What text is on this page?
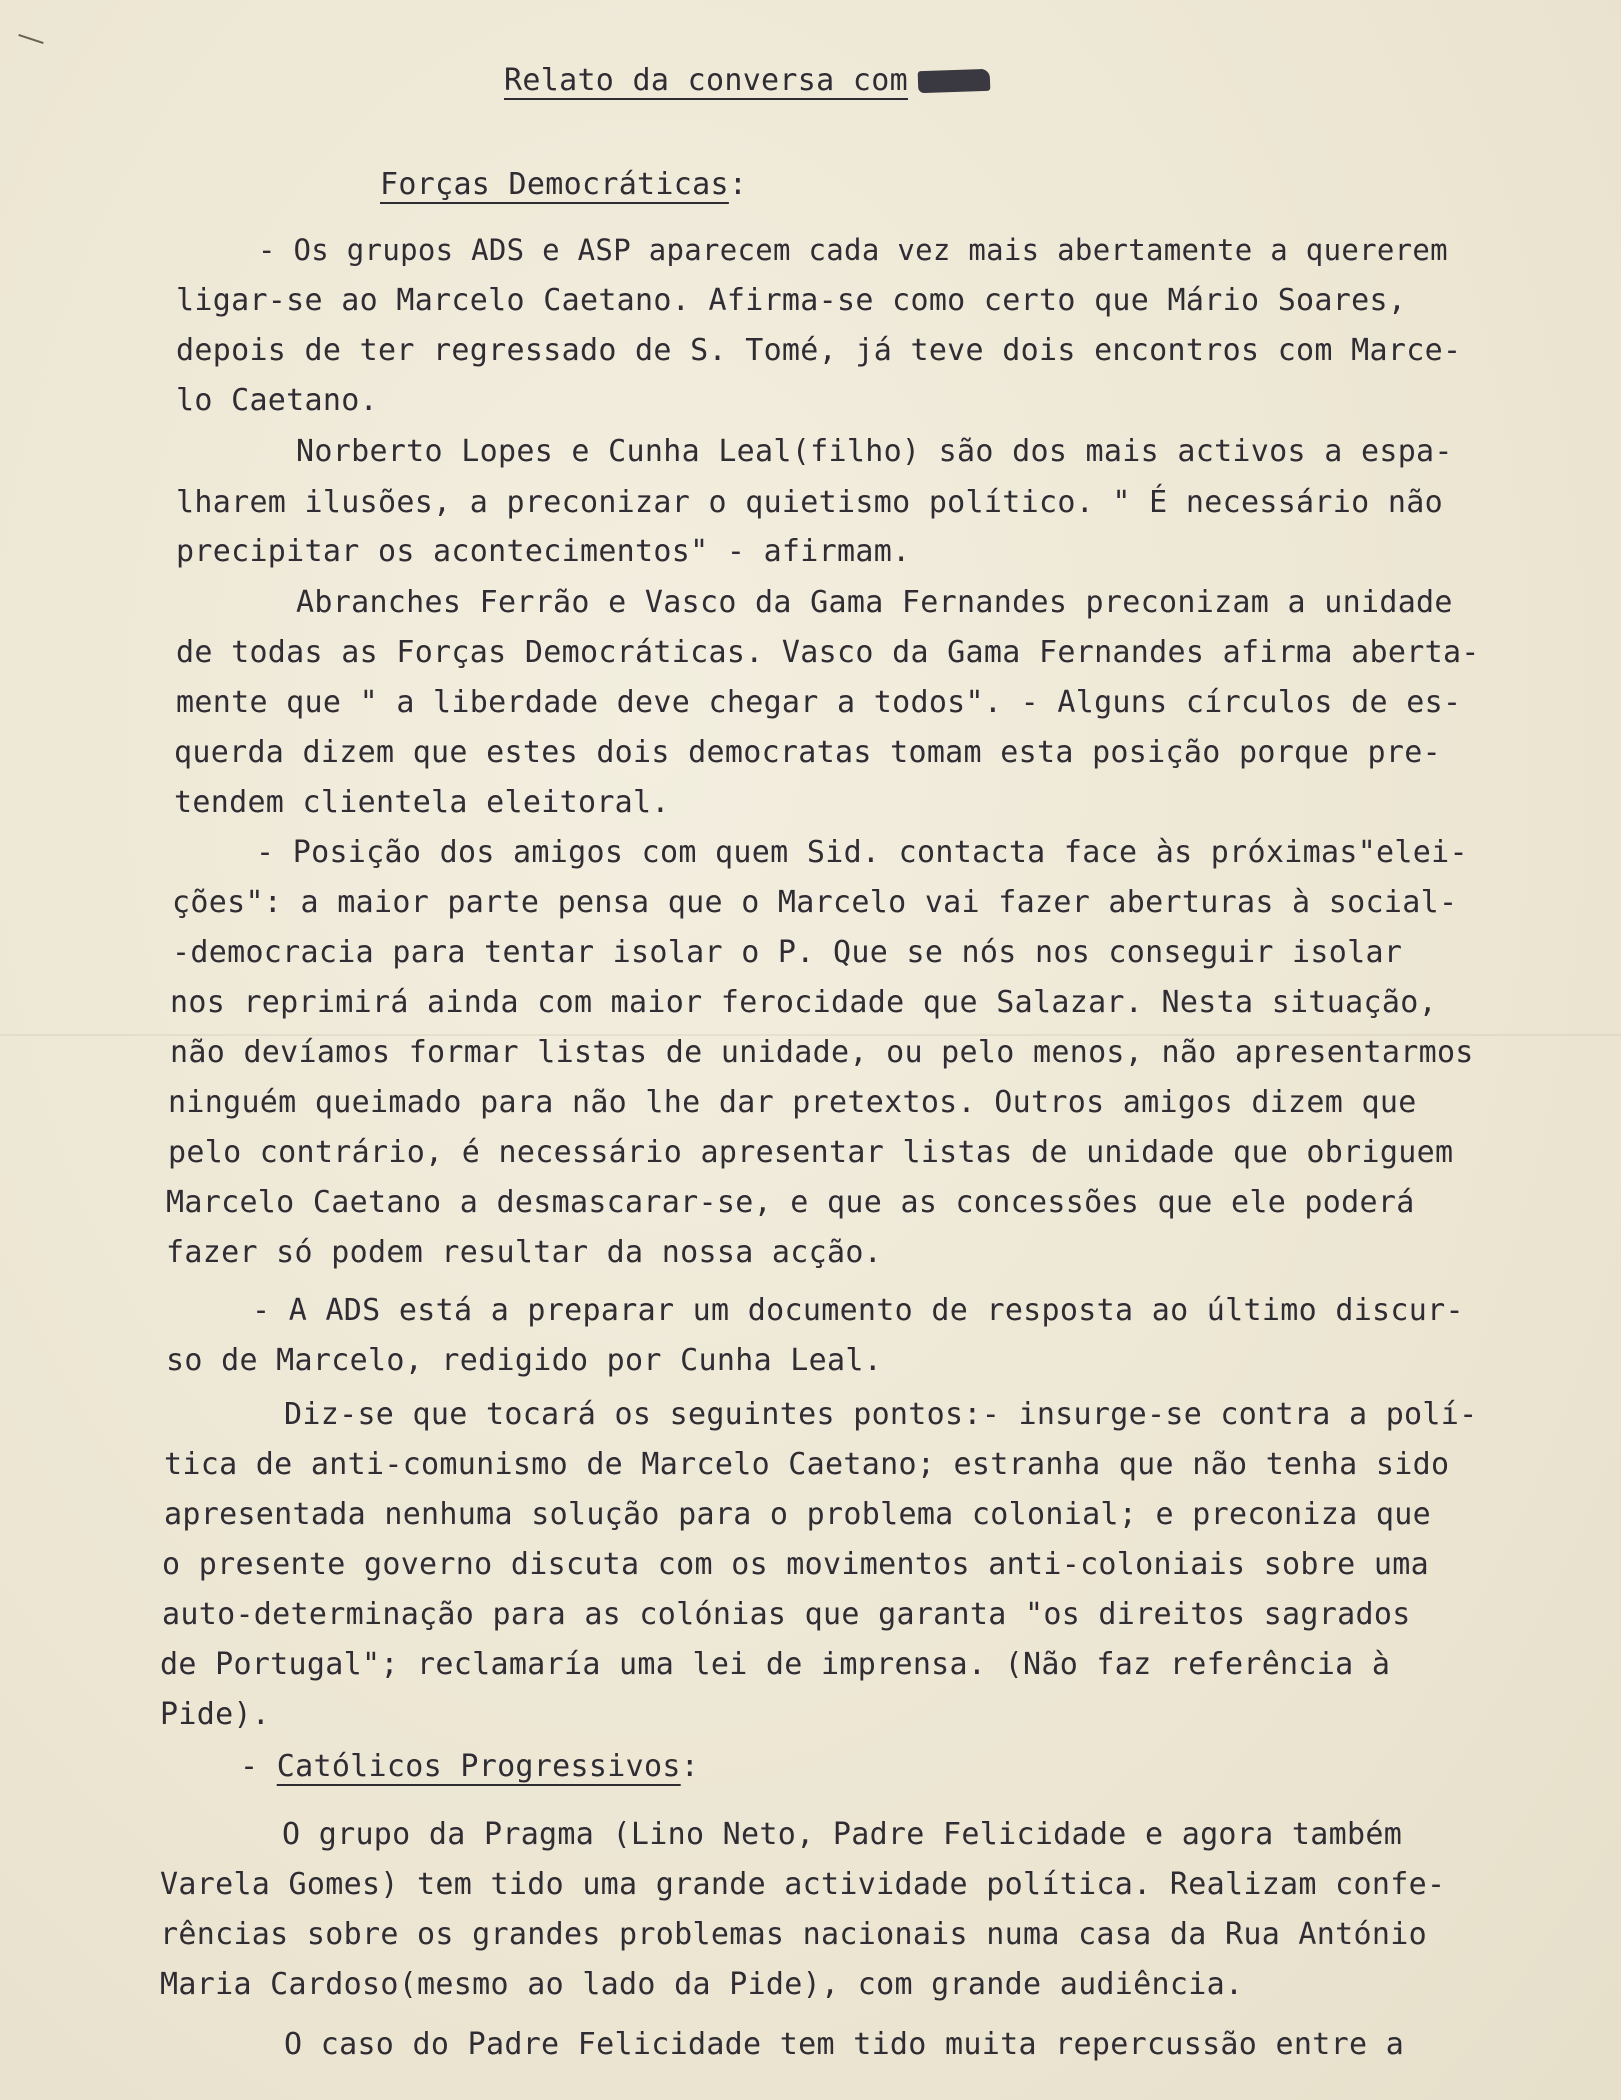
Relato da conversa com
Forças Democráticas:
- Os grupos ADS e ASP aparecem cada vez mais abertamente a quererem
ligar-se ao Marcelo Caetano. Afirma-se como certo que Mário Soares,
depois de ter regressado de S. Tomé, já teve dois encontros com Marce-
lo Caetano.
Norberto Lopes e Cunha Leal(filho) são dos mais activos a espa-
lharem ilusões, a preconizar o quietismo político. " É necessário não
precipitar os acontecimentos" - afirmam.
Abranches Ferrão e Vasco da Gama Fernandes preconizam a unidade
de todas as Forças Democráticas. Vasco da Gama Fernandes afirma aberta-
mente que " a liberdade deve chegar a todos". - Alguns círculos de es-
querda dizem que estes dois democratas tomam esta posição porque pre-
tendem clientela eleitoral.
- Posição dos amigos com quem Sid. contacta face às próximas"elei-
ções": a maior parte pensa que o Marcelo vai fazer aberturas à social-
-democracia para tentar isolar o P. Que se nós nos conseguir isolar
nos reprimirá ainda com maior ferocidade que Salazar. Nesta situação,
não devíamos formar listas de unidade, ou pelo menos, não apresentarmos
ninguém queimado para não lhe dar pretextos. Outros amigos dizem que
pelo contrário, é necessário apresentar listas de unidade que obriguem
Marcelo Caetano a desmascarar-se, e que as concessões que ele poderá
fazer só podem resultar da nossa acção.
- A ADS está a preparar um documento de resposta ao último discur-
so de Marcelo, redigido por Cunha Leal.
Diz-se que tocará os seguintes pontos:- insurge-se contra a polí-
tica de anti-comunismo de Marcelo Caetano; estranha que não tenha sido
apresentada nenhuma solução para o problema colonial; e preconiza que
o presente governo discuta com os movimentos anti-coloniais sobre uma
auto-determinação para as colónias que garanta "os direitos sagrados
de Portugal"; reclamaría uma lei de imprensa. (Não faz referência à
Pide).
- Católicos Progressivos:
O grupo da Pragma (Lino Neto, Padre Felicidade e agora também
Varela Gomes) tem tido uma grande actividade política. Realizam confe-
rências sobre os grandes problemas nacionais numa casa da Rua António
Maria Cardoso(mesmo ao lado da Pide), com grande audiência.
O caso do Padre Felicidade tem tido muita repercussão entre a
